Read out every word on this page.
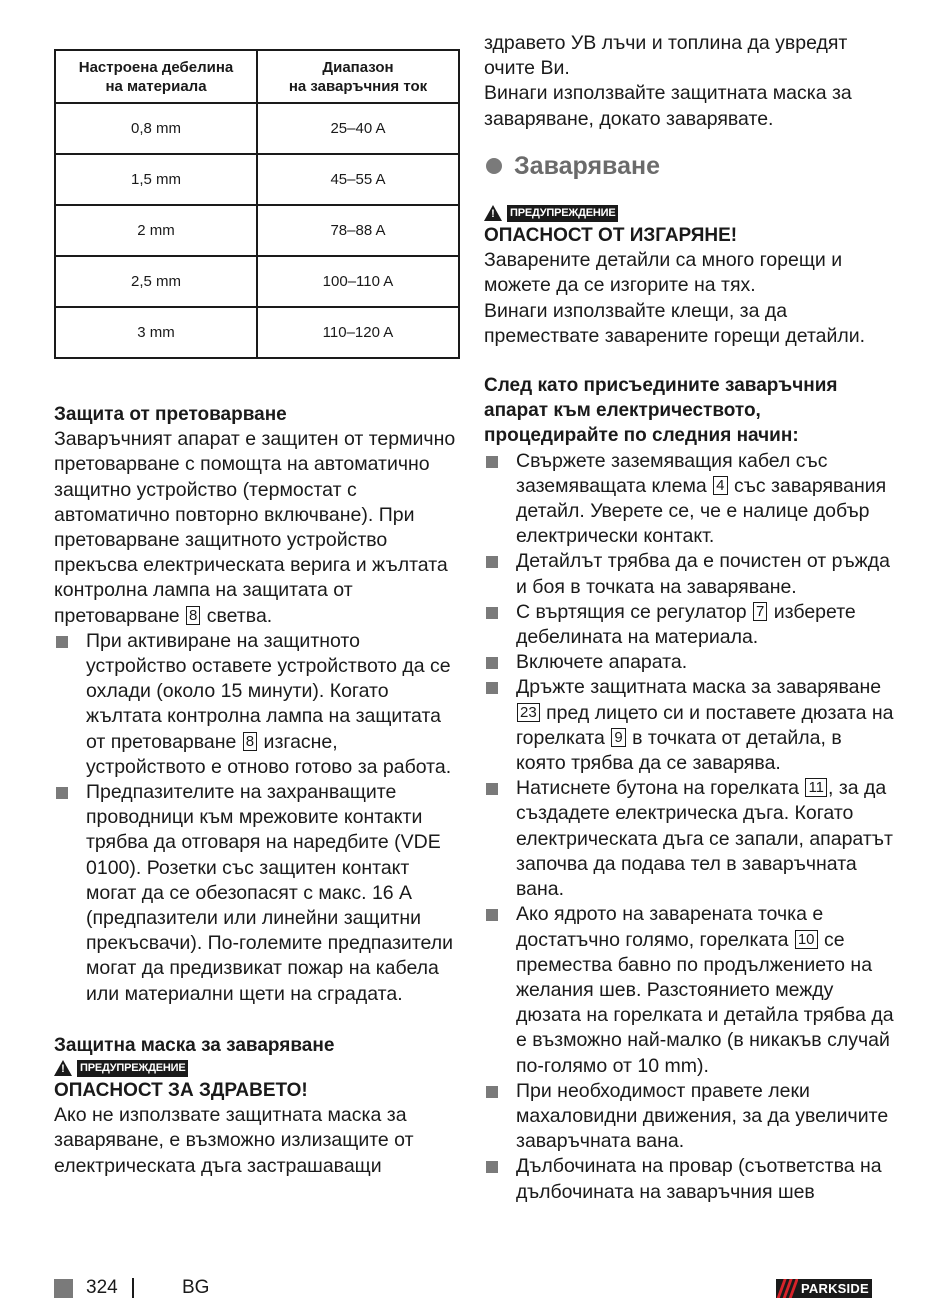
Настроена дебелина
на материала	Диапазон
на заваръчния ток
0,8 mm	25–40 A
1,5 mm	45–55 A
2 mm	78–88 A
2,5 mm	100–110 A
3 mm	110–120 A
Защита от претоварване

Заваръчният апарат е защитен от термично претоварване с помощта на автоматично защитно устройство (термостат с автоматично повторно включване). При претоварване защитното устройство прекъсва електрическата верига и жълтата контролна лампа на защитата от претоварване 8 светва.

При активиране на защитното устройство оставете устройството да се охлади (около 15 минути). Когато жълтата контролна лампа на защитата от претоварване 8 изгасне, устройството е отново готово за работа.
Предпазителите на захранващите проводници към мрежовите контакти трябва да отговаря на наредбите (VDE 0100). Розетки със защитен контакт могат да се обезопасят с макс. 16 А (предпазители или линейни защитни прекъсвачи). По-големите предпазители могат да предизвикат пожар на кабела или материални щети на сградата.
Защитна маска за заваряване
! ПРЕДУПРЕЖДЕНИЕ
ОПАСНОСТ ЗА ЗДРАВЕТО!

Ако не използвате защитната маска за заваряване, е възможно излизащите от електрическата дъга застрашаващи

здравето УВ лъчи и топлина да увредят очите Ви.

Винаги използвайте защитната маска за заваряване, докато заварявате.

Заваряване
! ПРЕДУПРЕЖДЕНИЕ
ОПАСНОСТ ОТ ИЗГАРЯНЕ!

Заварените детайли са много горещи и можете да се изгорите на тях.

Винаги използвайте клещи, за да премествате заварените горещи детайли.

След като присъедините заваръчния апарат към електричеството, процедирайте по следния начин:
Свържете заземяващия кабел със заземяващата клема 4 със заварявания детайл. Уверете се, че е налице добър електрически контакт.
Детайлът трябва да е почистен от ръжда и боя в точката на заваряване.
С въртящия се регулатор 7 изберете дебелината на материала.
Включете апарата.
Дръжте защитната маска за заваряване 23 пред лицето си и поставете дюзата на горелката 9 в точката от детайла, в която трябва да се заварява.
Натиснете бутона на горелката 11 , за да създадете електрическа дъга. Когато електрическата дъга се запали, апаратът започва да подава тел в заваръчната вана.
Ако ядрото на заварената точка е достатъчно голямо, горелката 10 се премества бавно по продължението на желания шев. Разстоянието между дюзата на горелката и детайла трябва да е възможно най-малко (в никакъв случай по-голямо от 10 mm).
При необходимост правете леки махаловидни движения, за да увеличите заваръчната вана.
Дълбочината на провар (съответства на дълбочината на заваръчния шев
324	BG	PARKSIDE
